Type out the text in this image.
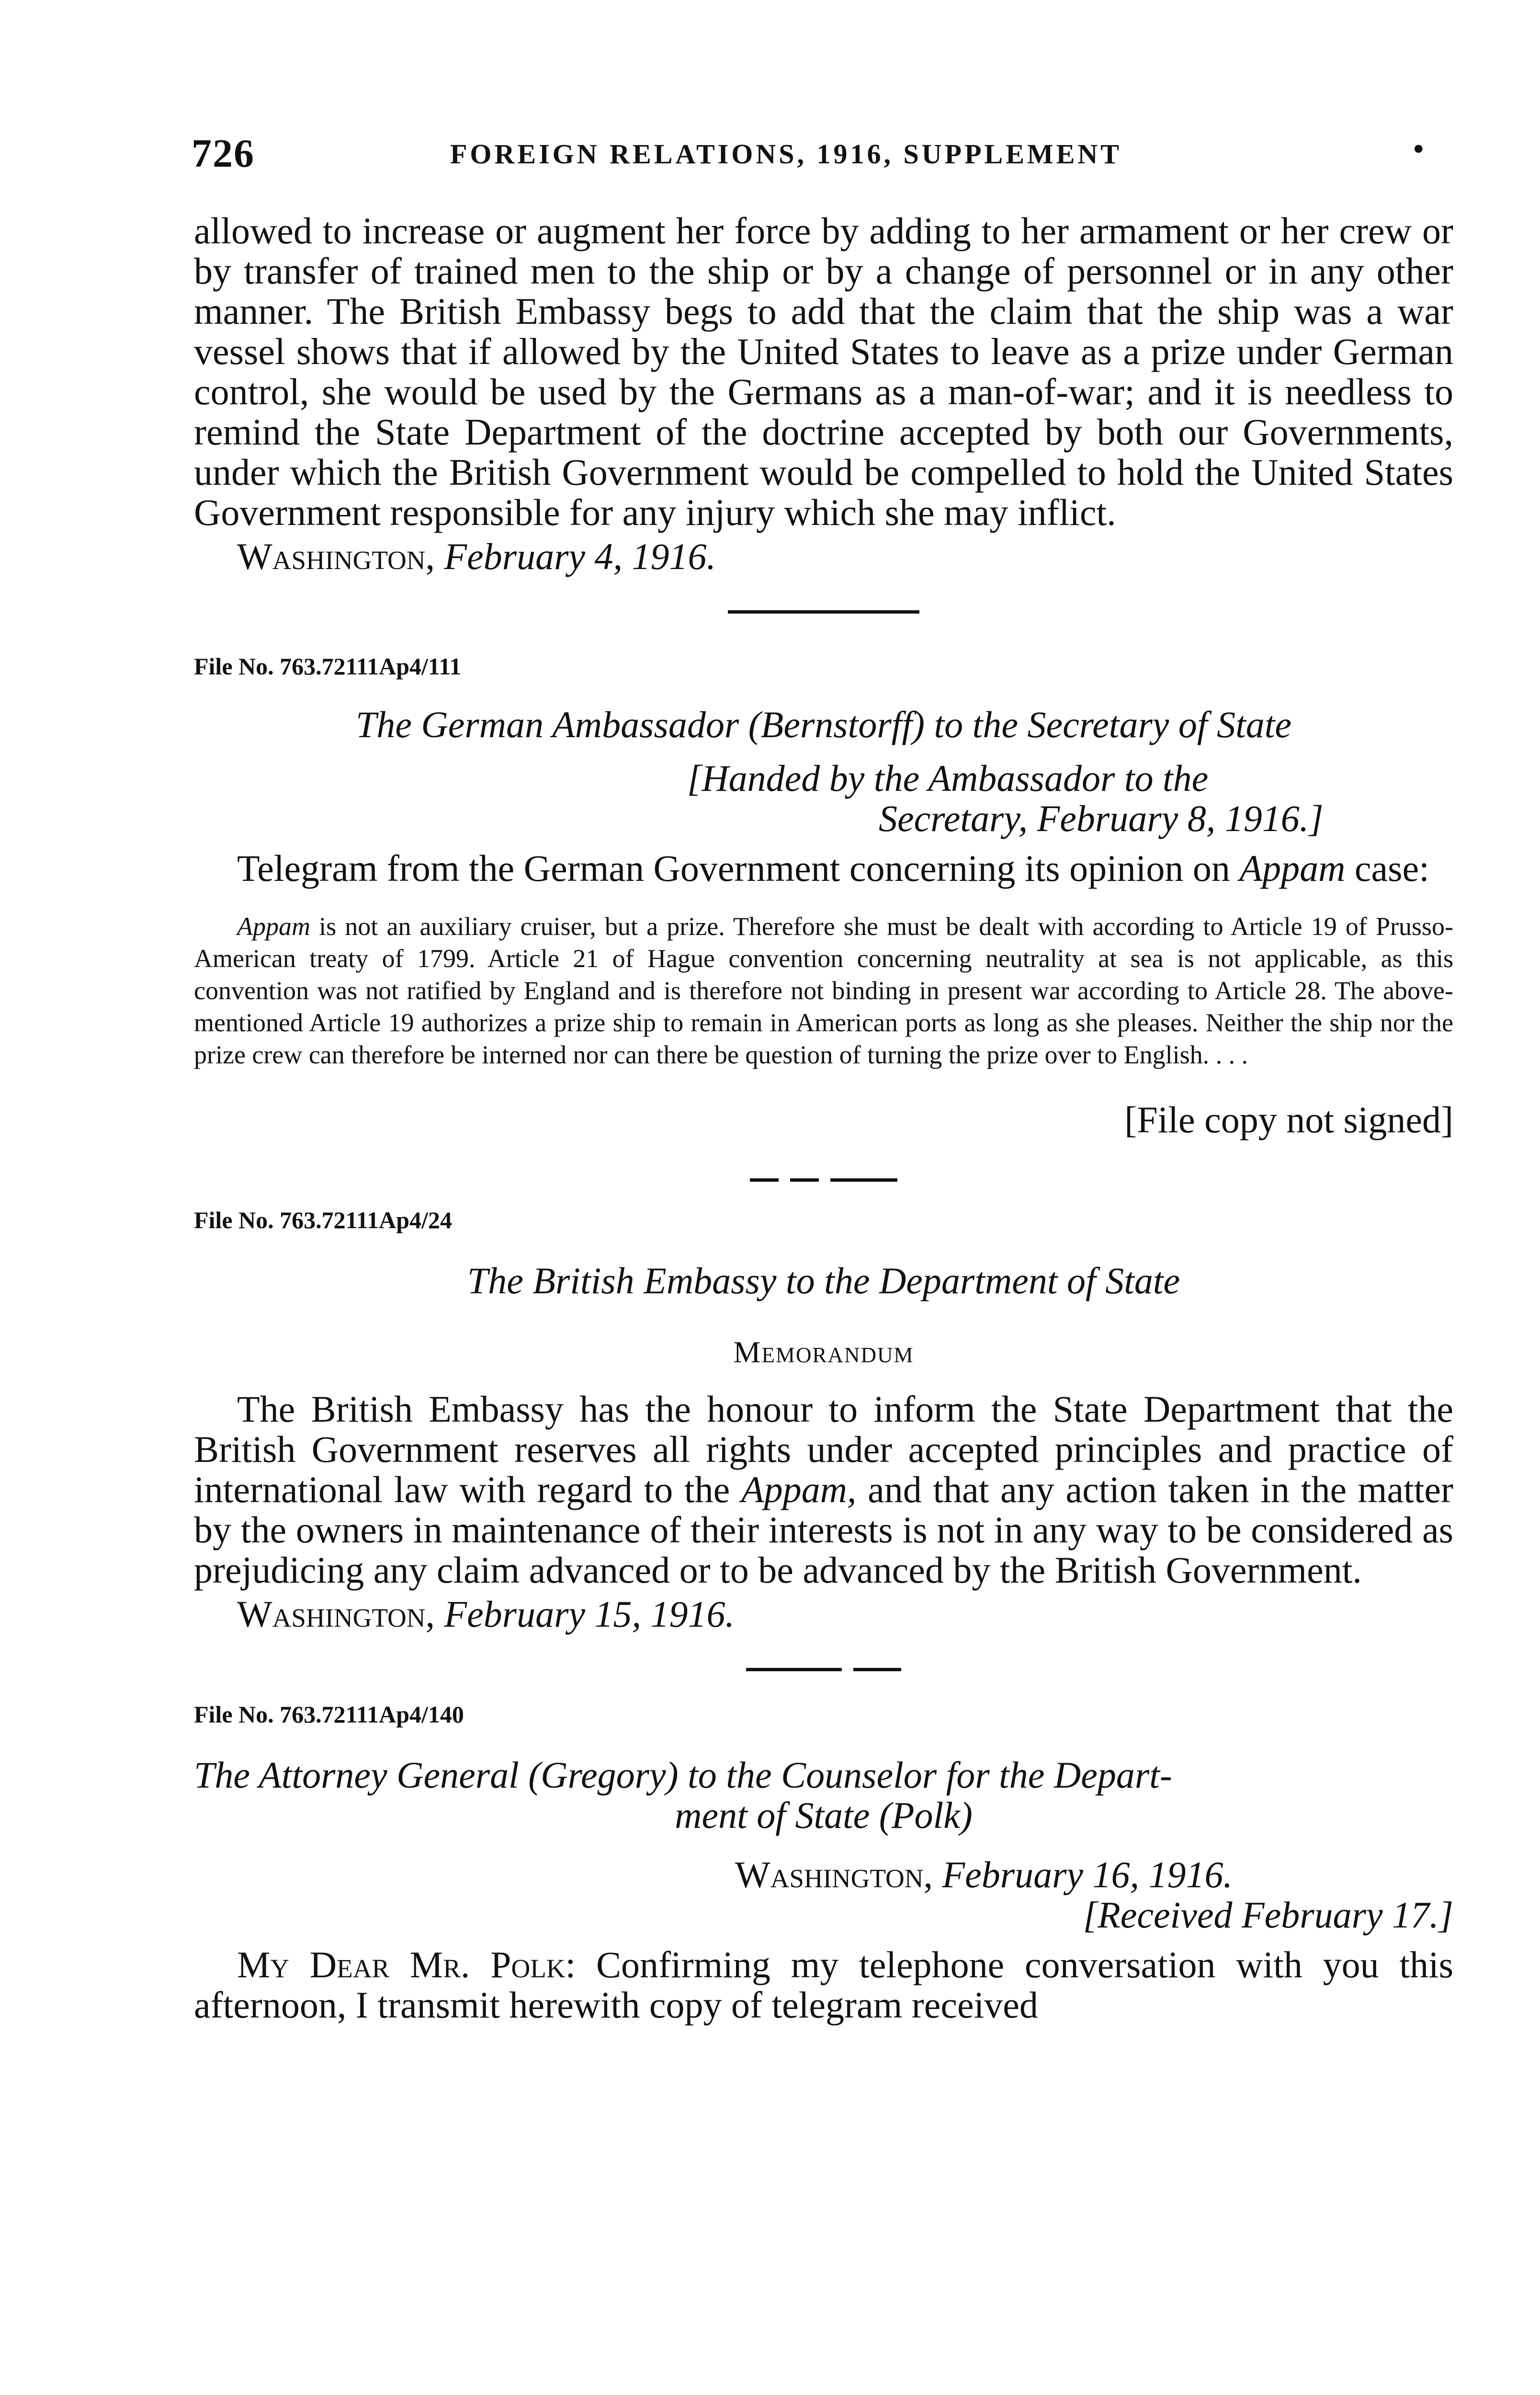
726	FOREIGN RELATIONS, 1916, SUPPLEMENT	•

allowed to increase or augment her force by adding to her armament or her crew or by transfer of trained men to the ship or by a change of personnel or in any other manner. The British Embassy begs to add that the claim that the ship was a war vessel shows that if allowed by the United States to leave as a prize under German control, she would be used by the Germans as a man-of-war; and it is needless to remind the State Department of the doctrine accepted by both our Governments, under which the British Government would be compelled to hold the United States Government responsible for any injury which she may inflict.

Washington, February 4, 1916.

File No. 763.72111Ap4/111

The German Ambassador (Bernstorff) to the Secretary of State

[Handed by the Ambassador to the

Secretary, February 8, 1916.]

Telegram from the German Government concerning its opinion on Appam case:

Appam is not an auxiliary cruiser, but a prize. Therefore she must be dealt with according to Article 19 of Prusso-American treaty of 1799. Article 21 of Hague convention concerning neutrality at sea is not applicable, as this convention was not ratified by England and is therefore not binding in present war according to Article 28. The above-mentioned Article 19 authorizes a prize ship to remain in American ports as long as she pleases. Neither the ship nor the prize crew can therefore be interned nor can there be question of turning the prize over to English. . . .

[File copy not signed]

File No. 763.72111Ap4/24

The British Embassy to the Department of State

Memorandum

The British Embassy has the honour to inform the State Department that the British Government reserves all rights under accepted principles and practice of international law with regard to the Appam, and that any action taken in the matter by the owners in maintenance of their interests is not in any way to be considered as prejudicing any claim advanced or to be advanced by the British Government.

Washington, February 15, 1916.

File No. 763.72111Ap4/140

The Attorney General (Gregory) to the Counselor for the Depart-

ment of State (Polk)

Washington, February 16, 1916.

[Received February 17.]

My Dear Mr. Polk: Confirming my telephone conversation with you this afternoon, I transmit herewith copy of telegram received
